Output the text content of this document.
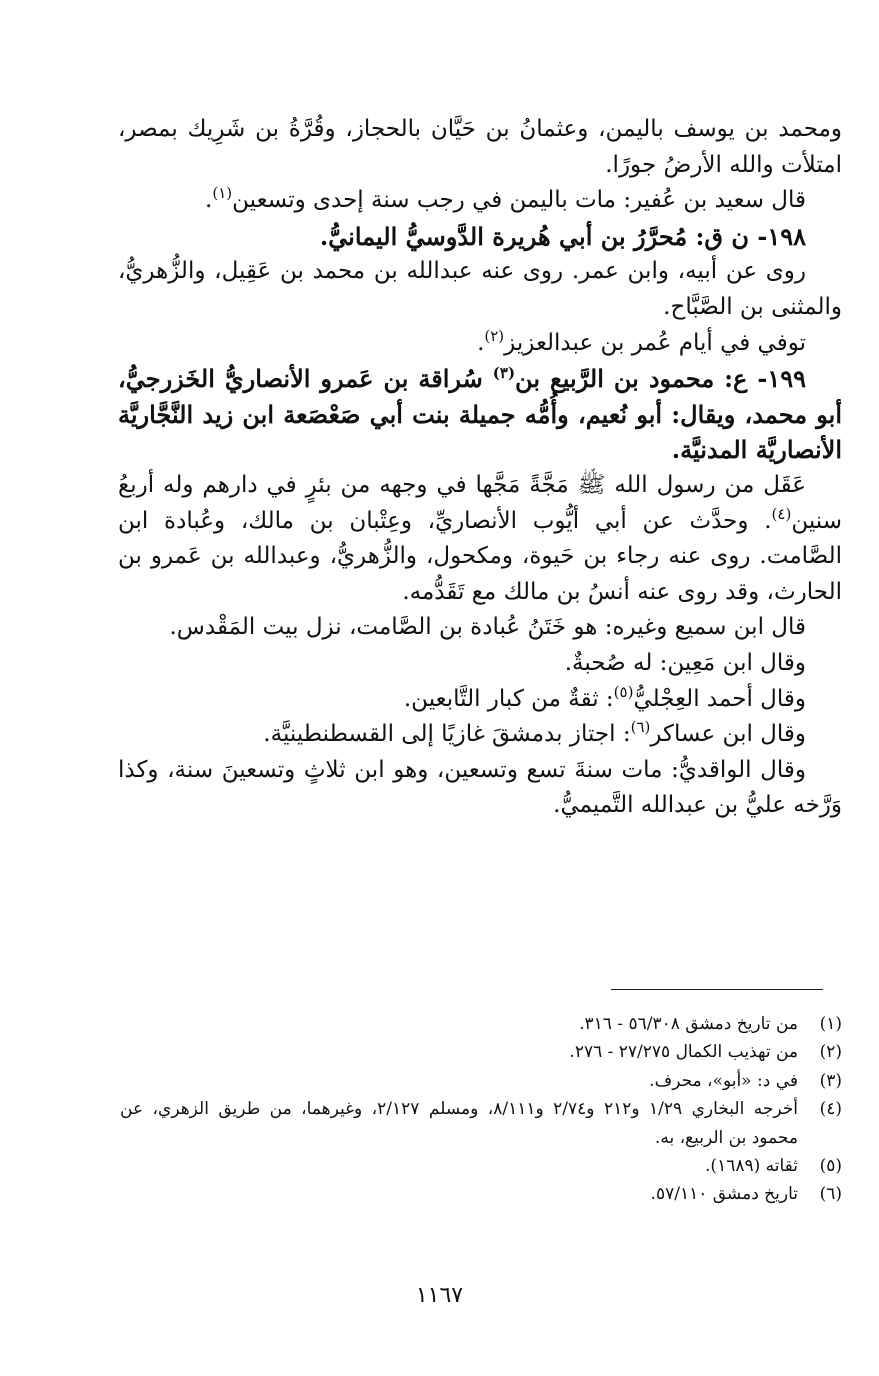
ومحمد بن يوسف باليمن، وعثمانُ بن حَيَّان بالحجاز، وقُرَّةُ بن شَرِيك بمصر، امتلأت والله الأرضُ جورًا.

قال سعيد بن عُفير: مات باليمن في رجب سنة إحدى وتسعين$^{(١)}$.

١٩٨- ن ق: مُحرَّرُ بن أبي هُريرة الدَّوسيُّ اليمانيُّ.

روى عن أبيه، وابن عمر. روى عنه عبدالله بن محمد بن عَقِيل، والزُّهريُّ، والمثنى بن الصَّبَّاح.

توفي في أيام عُمر بن عبدالعزيز$^{(٢)}$.

١٩٩- ع: محمود بن الرَّبيع بن$^{(٣)}$ سُراقة بن عَمرو الأنصاريُّ الخَزرجيُّ، أبو محمد، ويقال: أبو نُعيم، وأُمُّه جميلة بنت أبي صَعْصَعة ابن زيد النَّجَّاريَّة الأنصاريَّة المدنيَّة.

عَقَل من رسول الله ﷺ مَجَّةً مَجَّها في وجهه من بئرٍ في دارهم وله أربعُ سنين$^{(٤)}$. وحدَّث عن أبي أيُّوب الأنصاريِّ، وعِتْبان بن مالك، وعُبادة ابن الصَّامت. روى عنه رجاء بن حَيوة، ومكحول، والزُّهريُّ، وعبدالله بن عَمرو بن الحارث، وقد روى عنه أنسُ بن مالك مع تَقَدُّمه.

قال ابن سميع وغيره: هو خَتَنُ عُبادة بن الصَّامت، نزل بيت المَقْدس.

وقال ابن مَعِين: له صُحبةٌ.

وقال أحمد العِجْليُّ$^{(٥)}$: ثقةٌ من كبار التَّابعين.

وقال ابن عساكر$^{(٦)}$: اجتاز بدمشقَ غازيًا إلى القسطنطينيَّة.

وقال الواقديُّ: مات سنةَ تسع وتسعين، وهو ابن ثلاثٍ وتسعينَ سنة، وكذا وَرَّخه عليُّ بن عبدالله التَّميميُّ.

(١)
من تاريخ دمشق ٥٦/٣٠٨ - ٣١٦.
(٢)
من تهذيب الكمال ٢٧/٢٧٥ - ٢٧٦.
(٣)
في د: «أبو»، محرف.
(٤)
أخرجه البخاري ١/٢٩ و٢١٢ و٢/٧٤ و٨/١١١، ومسلم ٢/١٢٧، وغيرهما، من طريق الزهري، عن محمود بن الربيع، به.
(٥)
ثقاته (١٦٨٩).
(٦)
تاريخ دمشق ٥٧/١١٠.
١١٦٧
